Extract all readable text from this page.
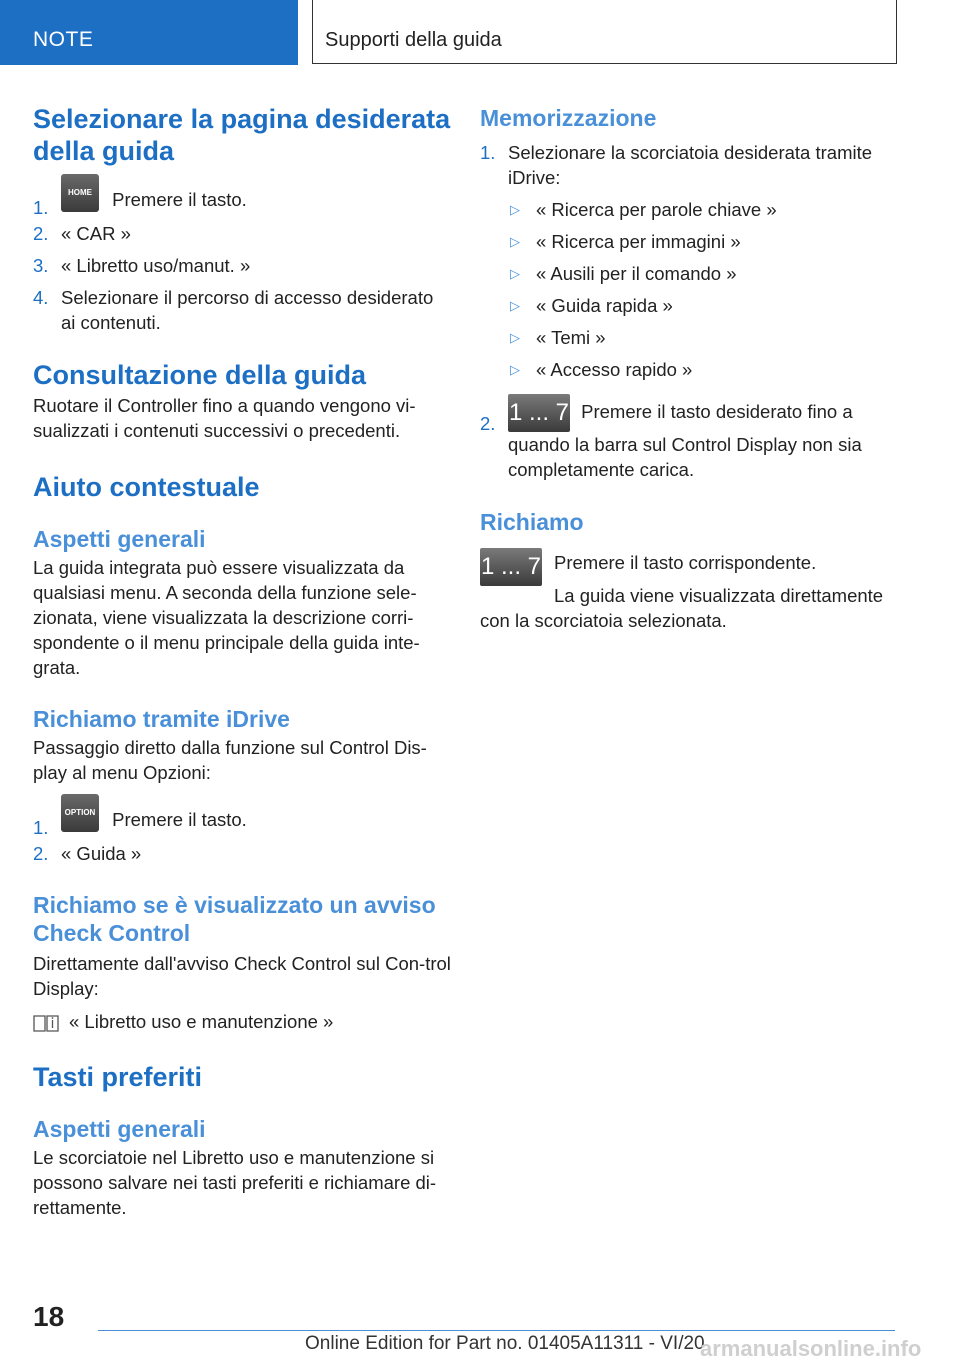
NOTE	Supporti della guida
Selezionare la pagina desiderata della guida
1.
HOME Premere il tasto.
2. « CAR »
3. « Libretto uso/manut. »
4. Selezionare il percorso di accesso desiderato ai contenuti.
Consultazione della guida

Ruotare il Controller fino a quando vengono vi-sualizzati i contenuti successivi o precedenti.

Aiuto contestuale
Aspetti generali

La guida integrata può essere visualizzata da qualsiasi menu. A seconda della funzione sele-zionata, viene visualizzata la descrizione corri-spondente o il menu principale della guida inte-grata.

Richiamo tramite iDrive

Passaggio diretto dalla funzione sul Control Dis-play al menu Opzioni:

1.
OPTION Premere il tasto.
2. « Guida »
Richiamo se è visualizzato un avviso Check Control

Direttamente dall'avviso Check Control sul Con-trol Display:

« Libretto uso e manutenzione »

Tasti preferiti
Aspetti generali

Le scorciatoie nel Libretto uso e manutenzione si possono salvare nei tasti preferiti e richiamare di-rettamente.

Memorizzazione
1. Selezionare la scorciatoia desiderata tramite iDrive:
▷ « Ricerca per parole chiave »
▷ « Ricerca per immagini »
▷ « Ausili per il comando »
▷ « Guida rapida »
▷ « Temi »
▷ « Accesso rapido »
2. 1 ... 7 Premere il tasto desiderato fino a quando la barra sul Control Display non sia completamente carica.
Richiamo
1 ... 7 Premere il tasto corrispondente.

La guida viene visualizzata direttamente con la scorciatoia selezionata.

18
Online Edition for Part no. 01405A11311 - VI/20
armanualsonline.info
